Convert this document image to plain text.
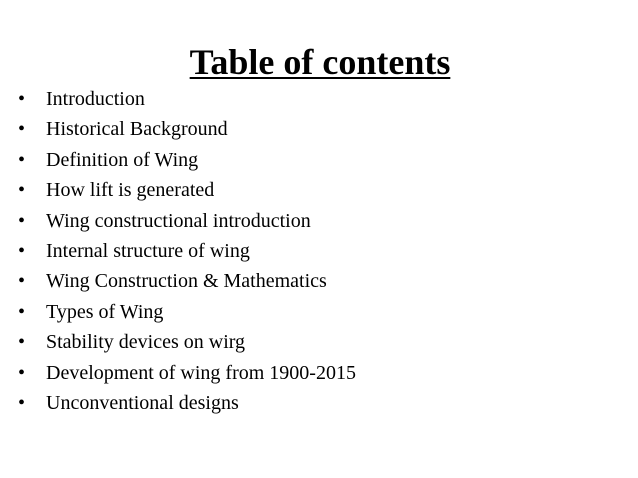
Table of contents
•	Introduction
•	Historical Background
•	Definition of Wing
•	How lift is generated
•	Wing constructional introduction
•	Internal structure of wing
•	Wing Construction & Mathematics
•	Types of Wing
•	Stability devices on wirg
•	Development of wing from 1900-2015
•	Unconventional designs
